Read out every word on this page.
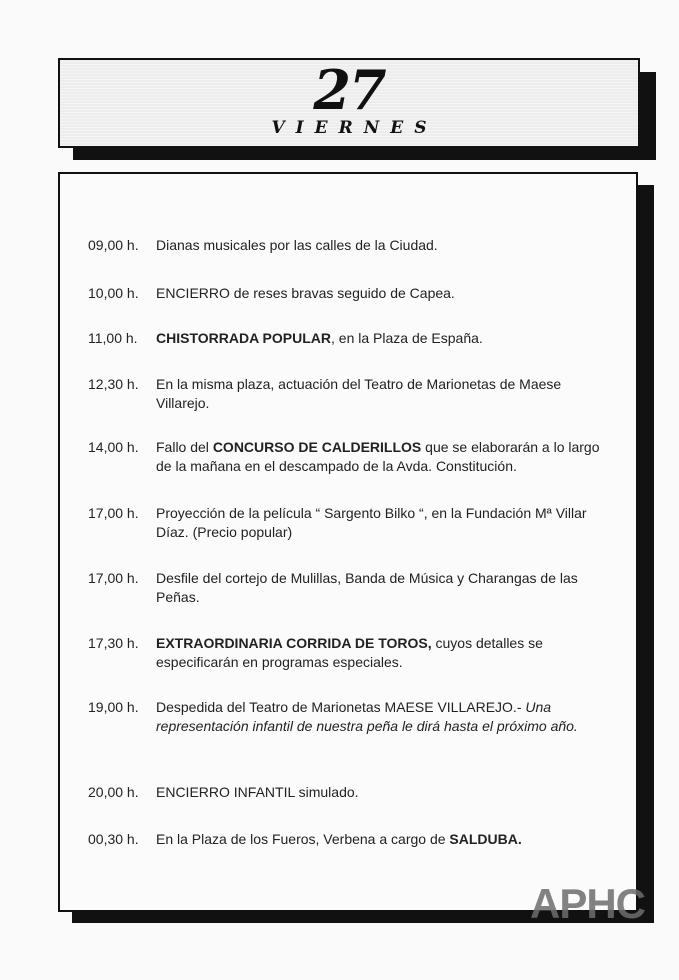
27
VIERNES
09,00 h. Dianas musicales por las calles de la Ciudad.
10,00 h. ENCIERRO de reses bravas seguido de Capea.
11,00 h. CHISTORRADA POPULAR, en la Plaza de España.
12,30 h. En la misma plaza, actuación del Teatro de Marionetas de Maese Villarejo.
14,00 h. Fallo del CONCURSO DE CALDERILLOS que se elaborarán a lo largo de la mañana en el descampado de la Avda. Constitución.
17,00 h. Proyección de la película “ Sargento Bilko “, en la Fundación Mª Villar Díaz. (Precio popular)
17,00 h. Desfile del cortejo de Mulillas, Banda de Música y Charangas de las Peñas.
17,30 h. EXTRAORDINARIA CORRIDA DE TOROS, cuyos detalles se especificarán en programas especiales.
19,00 h. Despedida del Teatro de Marionetas MAESE VILLAREJO.- Una representación infantil de nuestra peña le dirá hasta el próximo año.
20,00 h. ENCIERRO INFANTIL simulado.
00,30 h. En la Plaza de los Fueros, Verbena a cargo de SALDUBA.
APHC
